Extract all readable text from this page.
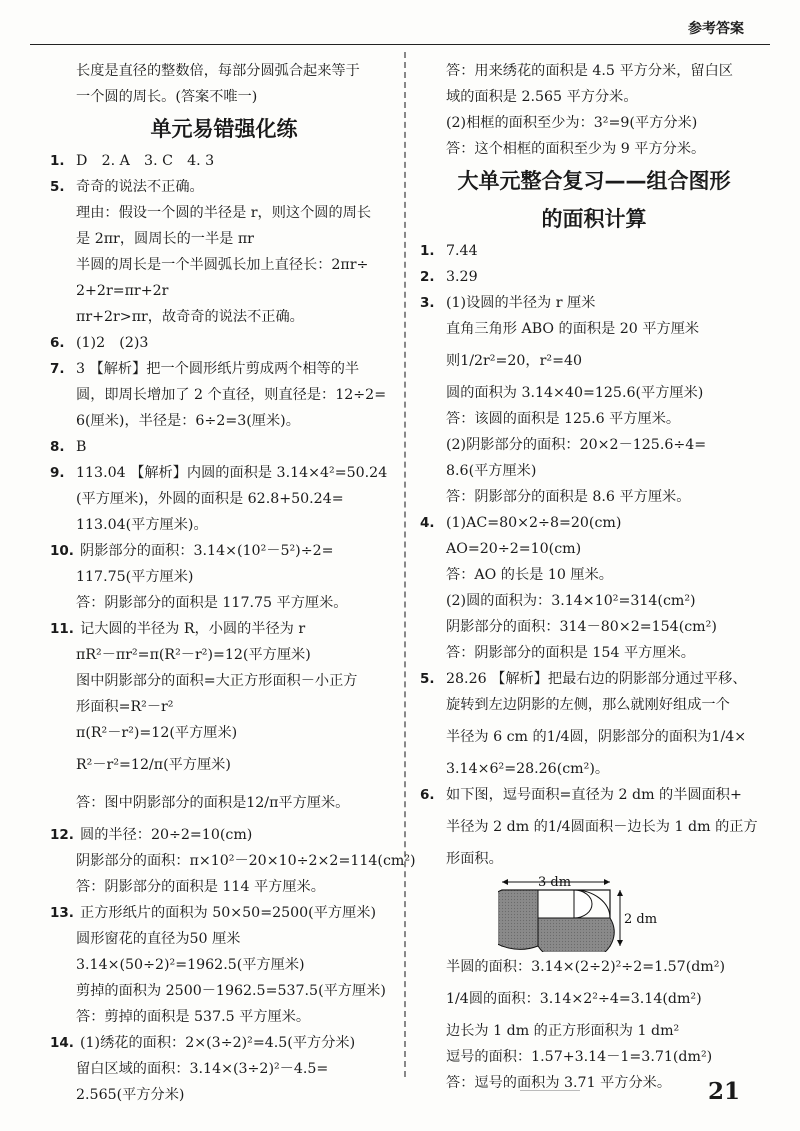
参考答案
长度是直径的整数倍，每部分圆弧合起来等于
一个圆的周长。(答案不唯一)
单元易错强化练
1. D　2. A　3. C　4. 3
5. 奇奇的说法不正确。
理由：假设一个圆的半径是 r，则这个圆的周长
是 2πr，圆周长的一半是 πr
半圆的周长是一个半圆弧长加上直径长：2πr÷
2+2r=πr+2r
πr+2r>πr，故奇奇的说法不正确。
6. (1)2　(2)3
7. 3 【解析】把一个圆形纸片剪成两个相等的半
圆，即周长增加了 2 个直径，则直径是：12÷2=
6(厘米)，半径是：6÷2=3(厘米)。
8. B
9. 113.04 【解析】内圆的面积是 3.14×4²=50.24
(平方厘米)，外圆的面积是 62.8+50.24=
113.04(平方厘米)。
10. 阴影部分的面积：3.14×(10²－5²)÷2=
117.75(平方厘米)
答：阴影部分的面积是 117.75 平方厘米。
11. 记大圆的半径为 R，小圆的半径为 r
πR²－πr²=π(R²－r²)=12(平方厘米)
图中阴影部分的面积=大正方形面积－小正方
形面积=R²－r²
π(R²－r²)=12(平方厘米)
R²－r²=12/π(平方厘米)
答：图中阴影部分的面积是12/π平方厘米。
12. 圆的半径：20÷2=10(cm)
阴影部分的面积：π×10²－20×10÷2×2=114(cm²)
答：阴影部分的面积是 114 平方厘米。
13. 正方形纸片的面积为 50×50=2500(平方厘米)
圆形窗花的直径为50 厘米
3.14×(50÷2)²=1962.5(平方厘米)
剪掉的面积为 2500－1962.5=537.5(平方厘米)
答：剪掉的面积是 537.5 平方厘米。
14. (1)绣花的面积：2×(3÷2)²=4.5(平方分米)
留白区域的面积：3.14×(3÷2)²－4.5=
2.565(平方分米)
答：用来绣花的面积是 4.5 平方分米，留白区
域的面积是 2.565 平方分米。
(2)相框的面积至少为：3²=9(平方分米)
答：这个相框的面积至少为 9 平方分米。
大单元整合复习——组合图形
的面积计算
1. 7.44
2. 3.29
3. (1)设圆的半径为 r 厘米
直角三角形 ABO 的面积是 20 平方厘米
则1/2r²=20，r²=40
圆的面积为 3.14×40=125.6(平方厘米)
答：该圆的面积是 125.6 平方厘米。
(2)阴影部分的面积：20×2－125.6÷4=
8.6(平方厘米)
答：阴影部分的面积是 8.6 平方厘米。
4. (1)AC=80×2÷8=20(cm)
AO=20÷2=10(cm)
答：AO 的长是 10 厘米。
(2)圆的面积为：3.14×10²=314(cm²)
阴影部分的面积：314－80×2=154(cm²)
答：阴影部分的面积是 154 平方厘米。
5. 28.26 【解析】把最右边的阴影部分通过平移、
旋转到左边阴影的左侧，那么就刚好组成一个
半径为 6 cm 的1/4圆，阴影部分的面积为1/4×
3.14×6²=28.26(cm²)。
6. 如下图，逗号面积=直径为 2 dm 的半圆面积+
半径为 2 dm 的1/4圆面积－边长为 1 dm 的正方
形面积。
3 dm
2 dm
半圆的面积：3.14×(2÷2)²÷2=1.57(dm²)
1/4圆的面积：3.14×2²÷4=3.14(dm²)
边长为 1 dm 的正方形面积为 1 dm²
逗号的面积：1.57+3.14－1=3.71(dm²)
答：逗号的面积为 3.71 平方分米。	21
